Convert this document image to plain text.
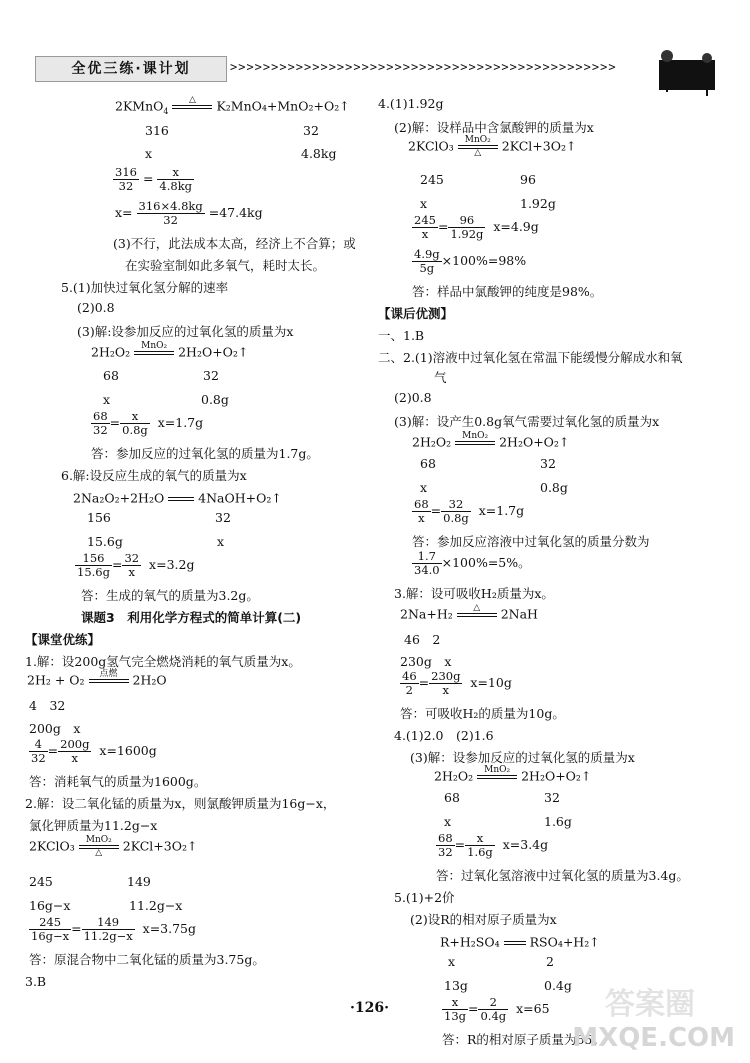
全优三练·课计划	>>>>>>>>>>>>>>>>>>>>>>>>>>>>>>>>>>>>>>>>>>>>>>>
2KMnO$_4$
△	K₂MnO₄+MnO₂+O₂↑
316	32
x	4.8kg
$\frac{316}{32} = \frac{x}{4.8kg}$
$x= \frac{316\times 4.8kg}{32} =47.4kg$
(3)不行，此法成本太高，经济上不合算；或
在实验室制如此多氧气，耗时太长。
5.(1)加快过氧化氢分解的速率
(2)0.8
(3)解:设参加反应的过氧化氢的质量为x
2H₂O₂	MnO₂ 2H₂O+O₂↑
68	32
x	0.8g
$\frac{68}{32} = \frac{x}{0.8g} x=1.7g$
答：参加反应的过氧化氢的质量为1.7g。
6.解:设反应生成的氧气的质量为x
2Na₂O₂+2H₂O	4NaOH+O₂↑
156	32
15.6g	x
$\frac{156}{15.6g} = \frac{32}{x} x=3.2g$
答：生成的氧气的质量为3.2g。
课题3　利用化学方程式的简单计算(二)
【课堂优练】
1.解：设200g氢气完全燃烧消耗的氧气质量为x。
2H₂ + O₂	点燃	2H₂O
4　32
200g　x
$\frac{4}{32} = \frac{200g}{x} x=1600g$
答：消耗氧气的质量为1600g。
2.解：设二氧化锰的质量为x，则氯酸钾质量为16g−x，
氯化钾质量为11.2g−x
2KClO₃	MnO₂
△	2KCl+3O₂↑
245	149
16g−x	11.2g−x
$\frac{245}{16g-x} = \frac{149}{11.2g-x} x=3.75g$
答：原混合物中二氧化锰的质量为3.75g。
3.B
4.(1)1.92g
(2)解：设样品中含氯酸钾的质量为x
2KClO₃	MnO₂
△	2KCl+3O₂↑
245	96
x	1.92g
$\frac{245}{x} = \frac{96}{1.92g} x=4.9g$
$\frac{4.9g}{5g} \times 100\%=98\%$
答：样品中氯酸钾的纯度是98%。
【课后优测】
一、1.B
二、2.(1)溶液中过氧化氢在常温下能缓慢分解成水和氧
气
(2)0.8
(3)解：设产生0.8g氧气需要过氧化氢的质量为x
2H₂O₂	MnO₂ 2H₂O+O₂↑
68	32
x	0.8g
$\frac{68}{x} = \frac{32}{0.8g} x=1.7g$
答：参加反应溶液中过氧化氢的质量分数为
$\frac{1.7}{34.0} \times 100\%=5\%$。
3.解：设可吸收H₂质量为x。
2Na+H₂	△	2NaH
46　2
230g　x
$\frac{46}{2} = \frac{230g}{x} x=10g$
答：可吸收H₂的质量为10g。
4.(1)2.0　(2)1.6
(3)解：设参加反应的过氧化氢的质量为x
2H₂O₂	MnO₂ 2H₂O+O₂↑
68	32
x	1.6g
$\frac{68}{32} = \frac{x}{1.6g} x=3.4g$
答：过氧化氢溶液中过氧化氢的质量为3.4g。
5.(1)+2价
(2)设R的相对原子质量为x
R+H₂SO₄ RSO₄+H₂↑
x	2
13g	0.4g
$\frac{x}{13g} = \frac{2}{0.4g} x=65$
答：R的相对原子质量为65。
·126·	答案圈
MXQE.COM
